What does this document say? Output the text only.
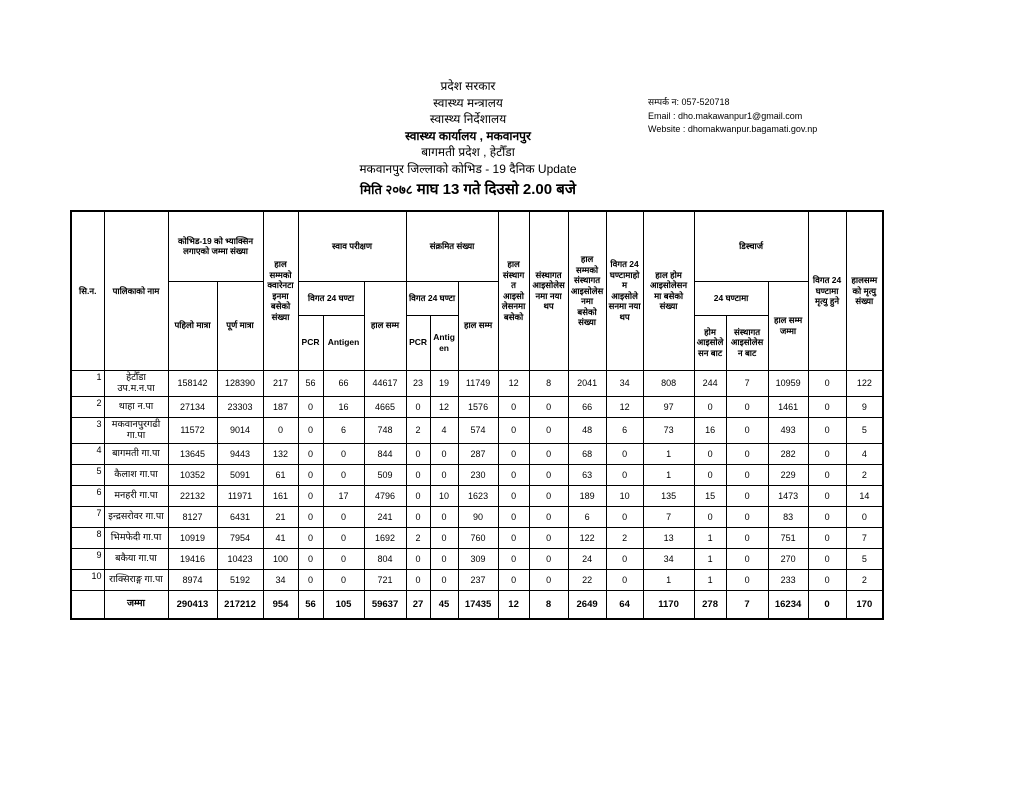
प्रदेश सरकार
स्वास्थ्य मन्त्रालय
स्वास्थ्य निर्देशालय
स्वास्थ्य कार्यालय , मकवानपुर
बागमती प्रदेश , हेटौँडा
मकवानपुर जिल्लाको कोभिड - 19 दैनिक Update
मिति २०७८ माघ 13 गते दिउसो 2.00 बजे
सम्पर्क न: 057-520718
Email : dho.makawanpur1@gmail.com
Website : dhomakwanpur.bagamati.gov.np
सि.न.	पालिकाको नाम	कोभिड-19 को भ्याक्सिन लगाएको जम्मा संख्या		हाल सम्मको क्वारेनटाइनमा बसेको संख्या	स्वाव परीक्षण			संक्रमित संख्या			हाल संस्थागत आइसोलेसनमा बसेको	संस्थागत आइसोलेसनमा नया थप	हाल सम्मको संस्थागत आइसोलेसनमा बसेको संख्या	विगत 24 घण्टामाहोम आइसोलेसनमा नया थप	हाल होम आइसोलेसन मा बसेको संख्या	डिस्चार्ज			विगत 24 घण्टामा मृत्यु हुने	हालसम्म को मृत्यु संख्या
		पहिलो मात्रा	पूर्ण मात्रा		विगत 24 घण्टा		हाल सम्म	विगत 24 घण्टा		हाल सम्म						24 घण्टामा		हाल सम्म जम्मा		
					PCR	Antigen		PCR	Antigen							होम आइसोलेसन बाट	संस्थागत आइसोलेसन बाट			
1	हेटौँडा उप.म.न.पा	158142	128390	217	56	66	44617	23	19	11749	12	8	2041	34	808	244	7	10959	0	122
2	थाहा न.पा	27134	23303	187	0	16	4665	0	12	1576	0	0	66	12	97	0	0	1461	0	9
3	मकवानपुरगढी गा.पा	11572	9014	0	0	6	748	2	4	574	0	0	48	6	73	16	0	493	0	5
4	बागमती गा.पा	13645	9443	132	0	0	844	0	0	287	0	0	68	0	1	0	0	282	0	4
5	कैलाश गा.पा	10352	5091	61	0	0	509	0	0	230	0	0	63	0	1	0	0	229	0	2
6	मनहरी गा.पा	22132	11971	161	0	17	4796	0	10	1623	0	0	189	10	135	15	0	1473	0	14
7	इन्द्रसरोवर गा.पा	8127	6431	21	0	0	241	0	0	90	0	0	6	0	7	0	0	83	0	0
8	भिमफेदी गा.पा	10919	7954	41	0	0	1692	2	0	760	0	0	122	2	13	1	0	751	0	7
9	बकैया गा.पा	19416	10423	100	0	0	804	0	0	309	0	0	24	0	34	1	0	270	0	5
10	राक्सिराङ्ग गा.पा	8974	5192	34	0	0	721	0	0	237	0	0	22	0	1	1	0	233	0	2
	जम्मा	290413	217212	954	56	105	59637	27	45	17435	12	8	2649	64	1170	278	7	16234	0	170
